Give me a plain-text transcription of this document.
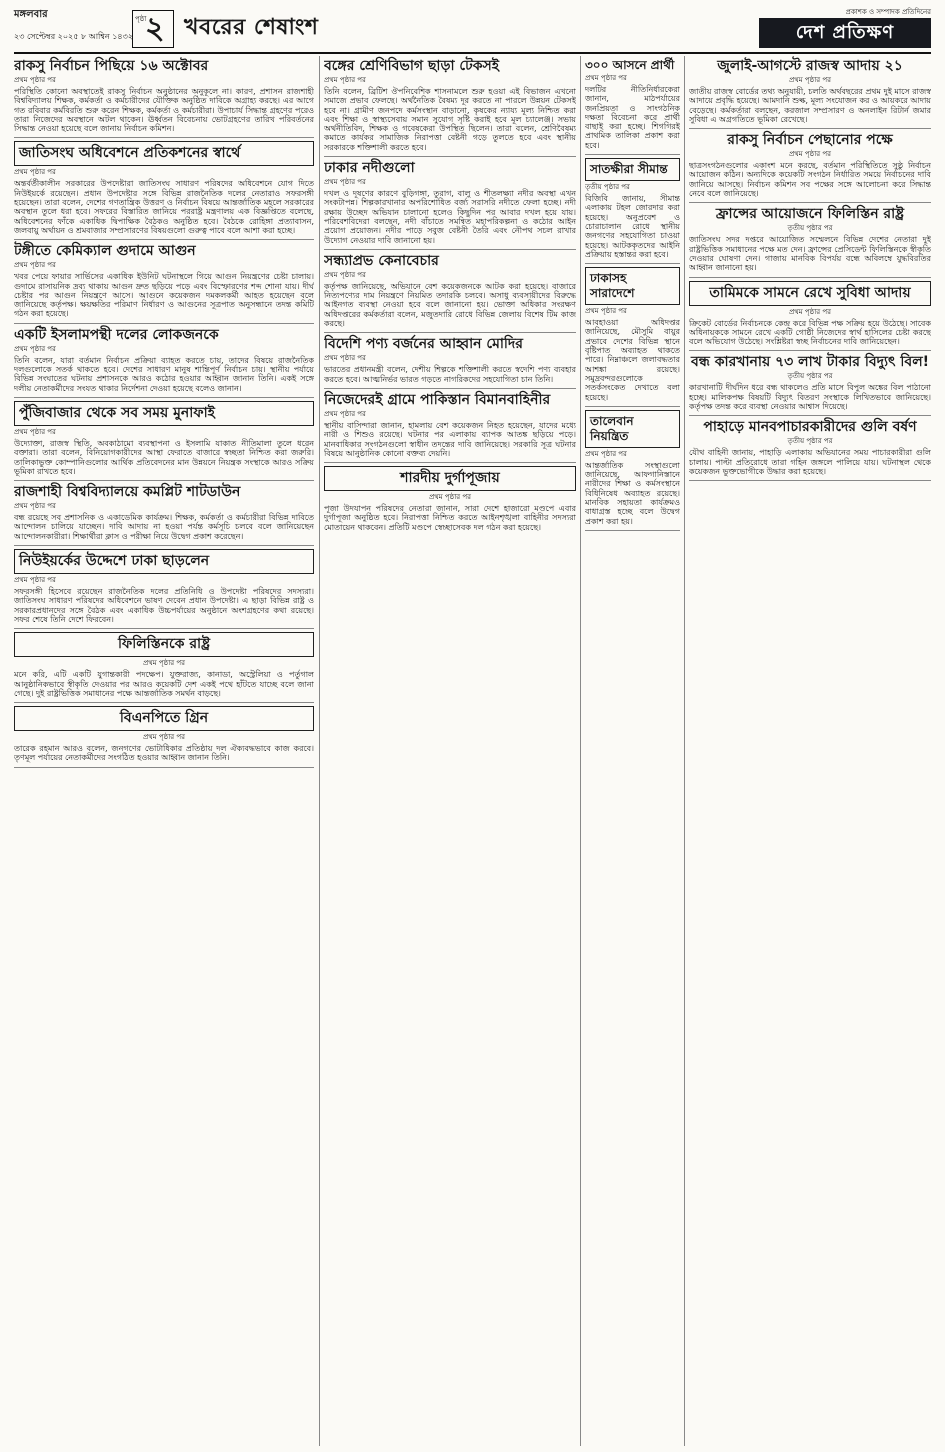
মঙ্গলবার
২৩ সেপ্টেম্বর ২০২৫ ৮ আশ্বিন ১৪৩২
পৃষ্ঠা
২ খবরের শেষাংশ
প্রকাশক ও সম্পাদক প্রতিদিনের
দেশ প্রতিক্ষণ
রাকসু নির্বাচন পিছিয়ে ১৬ অক্টোবর
প্রথম পৃষ্ঠার পর

পরিস্থিতি কোনো অবস্থাতেই রাকসু নির্বাচন অনুষ্ঠানের অনুকূলে না। কারণ, প্রশাসন রাজশাহী বিশ্ববিদ্যালয় শিক্ষক, কর্মকর্তা ও কর্মচারীদের যৌক্তিক অনুষ্ঠিত দাবিকে অগ্রাহ্য করছে। এর আগে গত রবিবার কর্মবিরতি শুরু করেন শিক্ষক, কর্মকর্তা ও কর্মচারীরা। উপাচার্য সিদ্ধান্ত গ্রহণের পরেও তারা নিজেদের অবস্থানে অটল থাকেন। ঊর্ধ্বতন বিবেচনায় ভোটগ্রহণের তারিখ পরিবর্তনের সিদ্ধান্ত নেওয়া হয়েছে বলে জানায় নির্বাচন কমিশন।

জাতিসংঘ অধিবেশনে প্রতিকশনের স্বার্থে
প্রথম পৃষ্ঠার পর

অন্তর্বর্তীকালীন সরকারের উপদেষ্টারা জাতিসংঘ সাধারণ পরিষদের অধিবেশনে যোগ দিতে নিউইয়র্কে রয়েছেন। প্রধান উপদেষ্টার সঙ্গে বিভিন্ন রাজনৈতিক দলের নেতারাও সফরসঙ্গী হয়েছেন। তারা বলেন, দেশের গণতান্ত্রিক উত্তরণ ও নির্বাচন বিষয়ে আন্তর্জাতিক মহলে সরকারের অবস্থান তুলে ধরা হবে। সফরের বিস্তারিত জানিয়ে পররাষ্ট্র মন্ত্রণালয় এক বিজ্ঞপ্তিতে বলেছে, অধিবেশনের ফাঁকে একাধিক দ্বিপাক্ষিক বৈঠকও অনুষ্ঠিত হবে। বৈঠকে রোহিঙ্গা প্রত্যাবাসন, জলবায়ু অর্থায়ন ও শ্রমবাজার সম্প্রসারণের বিষয়গুলো গুরুত্ব পাবে বলে আশা করা হচ্ছে।

টঙ্গীতে কেমিক্যাল গুদামে আগুন
প্রথম পৃষ্ঠার পর

খবর পেয়ে ফায়ার সার্ভিসের একাধিক ইউনিট ঘটনাস্থলে গিয়ে আগুন নিয়ন্ত্রণের চেষ্টা চালায়। গুদামে রাসায়নিক দ্রব্য থাকায় আগুন দ্রুত ছড়িয়ে পড়ে এবং বিস্ফোরণের শব্দ শোনা যায়। দীর্ঘ চেষ্টার পর আগুন নিয়ন্ত্রণে আসে। আগুনে কয়েকজন দমকলকর্মী আহত হয়েছেন বলে জানিয়েছে কর্তৃপক্ষ। ক্ষয়ক্ষতির পরিমাণ নির্ধারণ ও আগুনের সূত্রপাত অনুসন্ধানে তদন্ত কমিটি গঠন করা হয়েছে।

একটি ইসলামপন্থী দলের লোকজনকে
প্রথম পৃষ্ঠার পর

তিনি বলেন, যারা বর্তমান নির্বাচন প্রক্রিয়া ব্যাহত করতে চায়, তাদের বিষয়ে রাজনৈতিক দলগুলোকে সতর্ক থাকতে হবে। দেশের সাধারণ মানুষ শান্তিপূর্ণ নির্বাচন চায়। স্থানীয় পর্যায়ে বিভিন্ন সংঘাতের ঘটনায় প্রশাসনকে আরও কঠোর হওয়ার আহ্বান জানান তিনি। একই সঙ্গে দলীয় নেতাকর্মীদের সংযত থাকার নির্দেশনা দেওয়া হয়েছে বলেও জানান।

পুঁজিবাজার থেকে সব সময় মুনাফাই
প্রথম পৃষ্ঠার পর

উদ্যোক্তা, রাজস্ব স্থিতি, অবকাঠামো ব্যবস্থাপনা ও ইসলামি যাকাত নীতিমালা তুলে ধরেন বক্তারা। তারা বলেন, বিনিয়োগকারীদের আস্থা ফেরাতে বাজারে স্বচ্ছতা নিশ্চিত করা জরুরি। তালিকাভুক্ত কোম্পানিগুলোর আর্থিক প্রতিবেদনের মান উন্নয়নে নিয়ন্ত্রক সংস্থাকে আরও সক্রিয় ভূমিকা রাখতে হবে।

রাজশাহী বিশ্ববিদ্যালয়ে কমপ্লিট শাটডাউন
প্রথম পৃষ্ঠার পর

বন্ধ রয়েছে সব প্রশাসনিক ও একাডেমিক কার্যক্রম। শিক্ষক, কর্মকর্তা ও কর্মচারীরা বিভিন্ন দাবিতে আন্দোলন চালিয়ে যাচ্ছেন। দাবি আদায় না হওয়া পর্যন্ত কর্মসূচি চলবে বলে জানিয়েছেন আন্দোলনকারীরা। শিক্ষার্থীরা ক্লাস ও পরীক্ষা নিয়ে উদ্বেগ প্রকাশ করেছেন।

নিউইয়র্কের উদ্দেশে ঢাকা ছাড়লেন
প্রথম পৃষ্ঠার পর

সফরসঙ্গী হিসেবে রয়েছেন রাজনৈতিক দলের প্রতিনিধি ও উপদেষ্টা পরিষদের সদস্যরা। জাতিসংঘ সাধারণ পরিষদের অধিবেশনে ভাষণ দেবেন প্রধান উপদেষ্টা। এ ছাড়া বিভিন্ন রাষ্ট্র ও সরকারপ্রধানদের সঙ্গে বৈঠক এবং একাধিক উচ্চপর্যায়ের অনুষ্ঠানে অংশগ্রহণের কথা রয়েছে। সফর শেষে তিনি দেশে ফিরবেন।

ফিলিস্তিনকে রাষ্ট্র
প্রথম পৃষ্ঠার পর

মনে করি, এটি একটি যুগান্তকারী পদক্ষেপ। যুক্তরাজ্য, কানাডা, অস্ট্রেলিয়া ও পর্তুগাল আনুষ্ঠানিকভাবে স্বীকৃতি দেওয়ার পর আরও কয়েকটি দেশ একই পথে হাঁটতে যাচ্ছে বলে জানা গেছে। দুই রাষ্ট্রভিত্তিক সমাধানের পক্ষে আন্তর্জাতিক সমর্থন বাড়ছে।

বিএনপিতে গ্রিন
প্রথম পৃষ্ঠার পর

তারেক রহমান আরও বলেন, জনগণের ভোটাধিকার প্রতিষ্ঠায় দল ঐক্যবদ্ধভাবে কাজ করবে। তৃণমূল পর্যায়ের নেতাকর্মীদের সংগঠিত হওয়ার আহ্বান জানান তিনি।

বঙ্গের শ্রেণিবিভাগ ছাড়া টেকসই
প্রথম পৃষ্ঠার পর

তিনি বলেন, ব্রিটিশ ঔপনিবেশিক শাসনামলে শুরু হওয়া এই বিভাজন এখনো সমাজে প্রভাব ফেলছে। অর্থনৈতিক বৈষম্য দূর করতে না পারলে উন্নয়ন টেকসই হবে না। গ্রামীণ জনপদে কর্মসংস্থান বাড়ানো, কৃষকের ন্যায্য মূল্য নিশ্চিত করা এবং শিক্ষা ও স্বাস্থ্যসেবায় সমান সুযোগ সৃষ্টি করাই হবে মূল চ্যালেঞ্জ। সভায় অর্থনীতিবিদ, শিক্ষক ও গবেষকেরা উপস্থিত ছিলেন। তারা বলেন, শ্রেণিবৈষম্য কমাতে কার্যকর সামাজিক নিরাপত্তা বেষ্টনী গড়ে তুলতে হবে এবং স্থানীয় সরকারকে শক্তিশালী করতে হবে।

ঢাকার নদীগুলো
প্রথম পৃষ্ঠার পর

দখল ও দূষণের কারণে বুড়িগঙ্গা, তুরাগ, বালু ও শীতলক্ষ্যা নদীর অবস্থা এখন সংকটাপন্ন। শিল্পকারখানার অপরিশোধিত বর্জ্য সরাসরি নদীতে ফেলা হচ্ছে। নদী রক্ষায় উচ্ছেদ অভিযান চালানো হলেও কিছুদিন পর আবার দখল হয়ে যায়। পরিবেশবিদেরা বলছেন, নদী বাঁচাতে সমন্বিত মহাপরিকল্পনা ও কঠোর আইন প্রয়োগ প্রয়োজন। নদীর পাড়ে সবুজ বেষ্টনী তৈরি এবং নৌপথ সচল রাখার উদ্যোগ নেওয়ার দাবি জানানো হয়।

সন্ধ্যাপ্রভ কেনাবেচার
প্রথম পৃষ্ঠার পর

কর্তৃপক্ষ জানিয়েছে, অভিযানে বেশ কয়েকজনকে আটক করা হয়েছে। বাজারে নিত্যপণ্যের দাম নিয়ন্ত্রণে নিয়মিত তদারকি চলবে। অসাধু ব্যবসায়ীদের বিরুদ্ধে আইনগত ব্যবস্থা নেওয়া হবে বলে জানানো হয়। ভোক্তা অধিকার সংরক্ষণ অধিদপ্তরের কর্মকর্তারা বলেন, মজুতদারি রোধে বিভিন্ন জেলায় বিশেষ টিম কাজ করছে।

বিদেশি পণ্য বর্জনের আহ্বান মোদির
প্রথম পৃষ্ঠার পর

ভারতের প্রধানমন্ত্রী বলেন, দেশীয় শিল্পকে শক্তিশালী করতে স্বদেশি পণ্য ব্যবহার করতে হবে। আত্মনির্ভর ভারত গড়তে নাগরিকদের সহযোগিতা চান তিনি।

নিজেদেরই গ্রামে পাকিস্তান বিমানবাহিনীর
প্রথম পৃষ্ঠার পর

স্থানীয় বাসিন্দারা জানান, হামলায় বেশ কয়েকজন নিহত হয়েছেন, যাদের মধ্যে নারী ও শিশুও রয়েছে। ঘটনার পর এলাকায় ব্যাপক আতঙ্ক ছড়িয়ে পড়ে। মানবাধিকার সংগঠনগুলো স্বাধীন তদন্তের দাবি জানিয়েছে। সরকারি সূত্র ঘটনার বিষয়ে আনুষ্ঠানিক কোনো বক্তব্য দেয়নি।

শারদীয় দুর্গাপূজায়
প্রথম পৃষ্ঠার পর

পূজা উদযাপন পরিষদের নেতারা জানান, সারা দেশে হাজারো মণ্ডপে এবার দুর্গাপূজা অনুষ্ঠিত হবে। নিরাপত্তা নিশ্চিত করতে আইনশৃঙ্খলা বাহিনীর সদস্যরা মোতায়েন থাকবেন। প্রতিটি মণ্ডপে স্বেচ্ছাসেবক দল গঠন করা হয়েছে।

৩০০ আসনে প্রার্থী
প্রথম পৃষ্ঠার পর

দলটির নীতিনির্ধারকেরা জানান, মাঠপর্যায়ের জনপ্রিয়তা ও সাংগঠনিক দক্ষতা বিবেচনা করে প্রার্থী বাছাই করা হচ্ছে। শিগগিরই প্রাথমিক তালিকা প্রকাশ করা হবে।

সাতক্ষীরা সীমান্ত
তৃতীয় পৃষ্ঠার পর

বিজিবি জানায়, সীমান্ত এলাকায় টহল জোরদার করা হয়েছে। অনুপ্রবেশ ও চোরাচালান রোধে স্থানীয় জনগণের সহযোগিতা চাওয়া হয়েছে। আটককৃতদের আইনি প্রক্রিয়ায় হস্তান্তর করা হবে।

ঢাকাসহ সারাদেশে
প্রথম পৃষ্ঠার পর

আবহাওয়া অধিদপ্তর জানিয়েছে, মৌসুমি বায়ুর প্রভাবে দেশের বিভিন্ন স্থানে বৃষ্টিপাত অব্যাহত থাকতে পারে। নিম্নাঞ্চলে জলাবদ্ধতার আশঙ্কা রয়েছে। সমুদ্রবন্দরগুলোকে সতর্কসংকেত দেখাতে বলা হয়েছে।

তালেবান নিয়ন্ত্রিত
প্রথম পৃষ্ঠার পর

আন্তর্জাতিক সংস্থাগুলো জানিয়েছে, আফগানিস্তানে নারীদের শিক্ষা ও কর্মসংস্থানে বিধিনিষেধ অব্যাহত রয়েছে। মানবিক সহায়তা কার্যক্রমও বাধাগ্রস্ত হচ্ছে বলে উদ্বেগ প্রকাশ করা হয়।

জুলাই-আগস্টে রাজস্ব আদায় ২১
প্রথম পৃষ্ঠার পর

জাতীয় রাজস্ব বোর্ডের তথ্য অনুযায়ী, চলতি অর্থবছরের প্রথম দুই মাসে রাজস্ব আদায়ে প্রবৃদ্ধি হয়েছে। আমদানি শুল্ক, মূল্য সংযোজন কর ও আয়করে আদায় বেড়েছে। কর্মকর্তারা বলছেন, করজাল সম্প্রসারণ ও অনলাইন রিটার্ন জমার সুবিধা এ অগ্রগতিতে ভূমিকা রেখেছে।

রাকসু নির্বাচন পেছানোর পক্ষে
প্রথম পৃষ্ঠার পর

ছাত্রসংগঠনগুলোর একাংশ মনে করছে, বর্তমান পরিস্থিতিতে সুষ্ঠু নির্বাচন আয়োজন কঠিন। অন্যদিকে কয়েকটি সংগঠন নির্ধারিত সময়ে নির্বাচনের দাবি জানিয়ে আসছে। নির্বাচন কমিশন সব পক্ষের সঙ্গে আলোচনা করে সিদ্ধান্ত নেবে বলে জানিয়েছে।

ফ্রান্সের আয়োজনে ফিলিস্তিন রাষ্ট্র
তৃতীয় পৃষ্ঠার পর

জাতিসংঘ সদর দপ্তরে আয়োজিত সম্মেলনে বিভিন্ন দেশের নেতারা দুই রাষ্ট্রভিত্তিক সমাধানের পক্ষে মত দেন। ফ্রান্সের প্রেসিডেন্ট ফিলিস্তিনকে স্বীকৃতি দেওয়ার ঘোষণা দেন। গাজায় মানবিক বিপর্যয় বন্ধে অবিলম্বে যুদ্ধবিরতির আহ্বান জানানো হয়।

তামিমকে সামনে রেখে সুবিধা আদায়
প্রথম পৃষ্ঠার পর

ক্রিকেট বোর্ডের নির্বাচনকে কেন্দ্র করে বিভিন্ন পক্ষ সক্রিয় হয়ে উঠেছে। সাবেক অধিনায়ককে সামনে রেখে একটি গোষ্ঠী নিজেদের স্বার্থ হাসিলের চেষ্টা করছে বলে অভিযোগ উঠেছে। সংশ্লিষ্টরা স্বচ্ছ নির্বাচনের দাবি জানিয়েছেন।

বন্ধ কারখানায় ৭৩ লাখ টাকার বিদ্যুৎ বিল!
তৃতীয় পৃষ্ঠার পর

কারখানাটি দীর্ঘদিন ধরে বন্ধ থাকলেও প্রতি মাসে বিপুল অঙ্কের বিল পাঠানো হচ্ছে। মালিকপক্ষ বিষয়টি বিদ্যুৎ বিতরণ সংস্থাকে লিখিতভাবে জানিয়েছে। কর্তৃপক্ষ তদন্ত করে ব্যবস্থা নেওয়ার আশ্বাস দিয়েছে।

পাহাড়ে মানবপাচারকারীদের গুলি বর্ষণ
তৃতীয় পৃষ্ঠার পর

যৌথ বাহিনী জানায়, পাহাড়ি এলাকায় অভিযানের সময় পাচারকারীরা গুলি চালায়। পাল্টা প্রতিরোধে তারা গহিন জঙ্গলে পালিয়ে যায়। ঘটনাস্থল থেকে কয়েকজন ভুক্তভোগীকে উদ্ধার করা হয়েছে।
